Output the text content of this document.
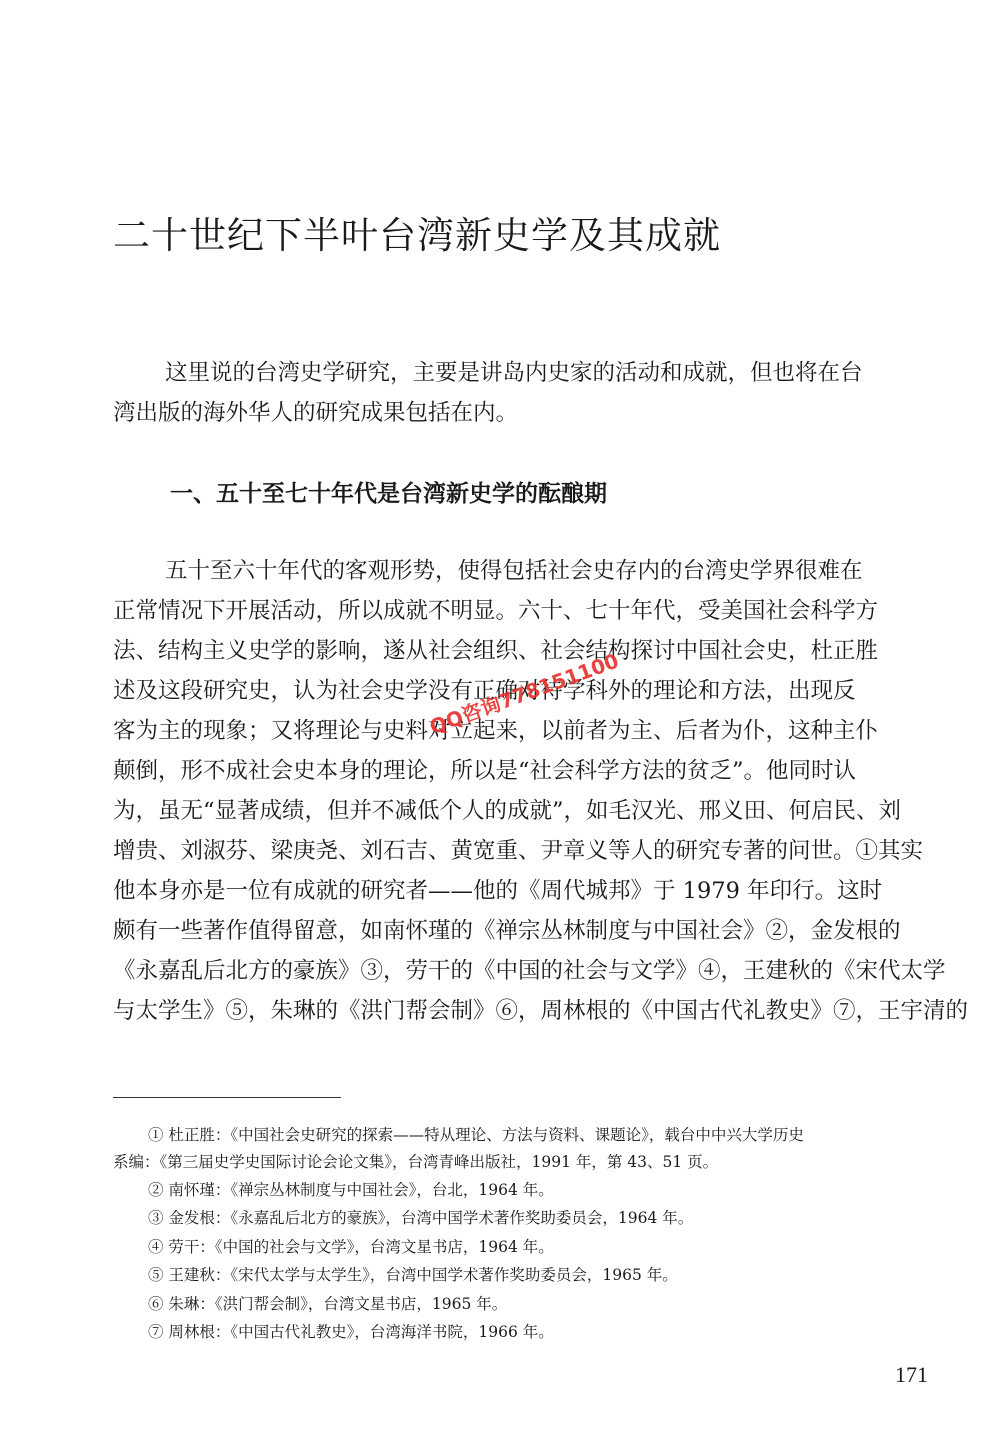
二十世纪下半叶台湾新史学及其成就
这里说的台湾史学研究，主要是讲岛内史家的活动和成就，但也将在台
湾出版的海外华人的研究成果包括在内。
一、五十至七十年代是台湾新史学的酝酿期
五十至六十年代的客观形势，使得包括社会史存内的台湾史学界很难在
正常情况下开展活动，所以成就不明显。六十、七十年代，受美国社会科学方
法、结构主义史学的影响，遂从社会组织、社会结构探讨中国社会史，杜正胜
述及这段研究史，认为社会史学没有正确对待学科外的理论和方法，出现反
客为主的现象；又将理论与史料对立起来，以前者为主、后者为仆，这种主仆
颠倒，形不成社会史本身的理论，所以是“社会科学方法的贫乏”。他同时认
为，虽无“显著成绩，但并不减低个人的成就”，如毛汉光、邢义田、何启民、刘
增贵、刘淑芬、梁庚尧、刘石吉、黄宽重、尹章义等人的研究专著的问世。①其实
他本身亦是一位有成就的研究者——他的《周代城邦》于 1979 年印行。这时
颇有一些著作值得留意，如南怀瑾的《禅宗丛林制度与中国社会》②，金发根的
《永嘉乱后北方的豪族》③，劳干的《中国的社会与文学》④，王建秋的《宋代太学
与太学生》⑤，朱琳的《洪门帮会制》⑥，周林根的《中国古代礼教史》⑦，王宇清的
① 杜正胜：《中国社会史研究的探索——特从理论、方法与资料、课题论》，载台中中兴大学历史
系编：《第三届史学史国际讨论会论文集》，台湾青峰出版社，1991 年，第 43、51 页。
② 南怀瑾：《禅宗丛林制度与中国社会》，台北，1964 年。
③ 金发根：《永嘉乱后北方的豪族》，台湾中国学术著作奖助委员会，1964 年。
④ 劳干：《中国的社会与文学》，台湾文星书店，1964 年。
⑤ 王建秋：《宋代太学与太学生》，台湾中国学术著作奖助委员会，1965 年。
⑥ 朱琳：《洪门帮会制》，台湾文星书店，1965 年。
⑦ 周林根：《中国古代礼教史》，台湾海洋书院，1966 年。
171
QQ咨询778151100
